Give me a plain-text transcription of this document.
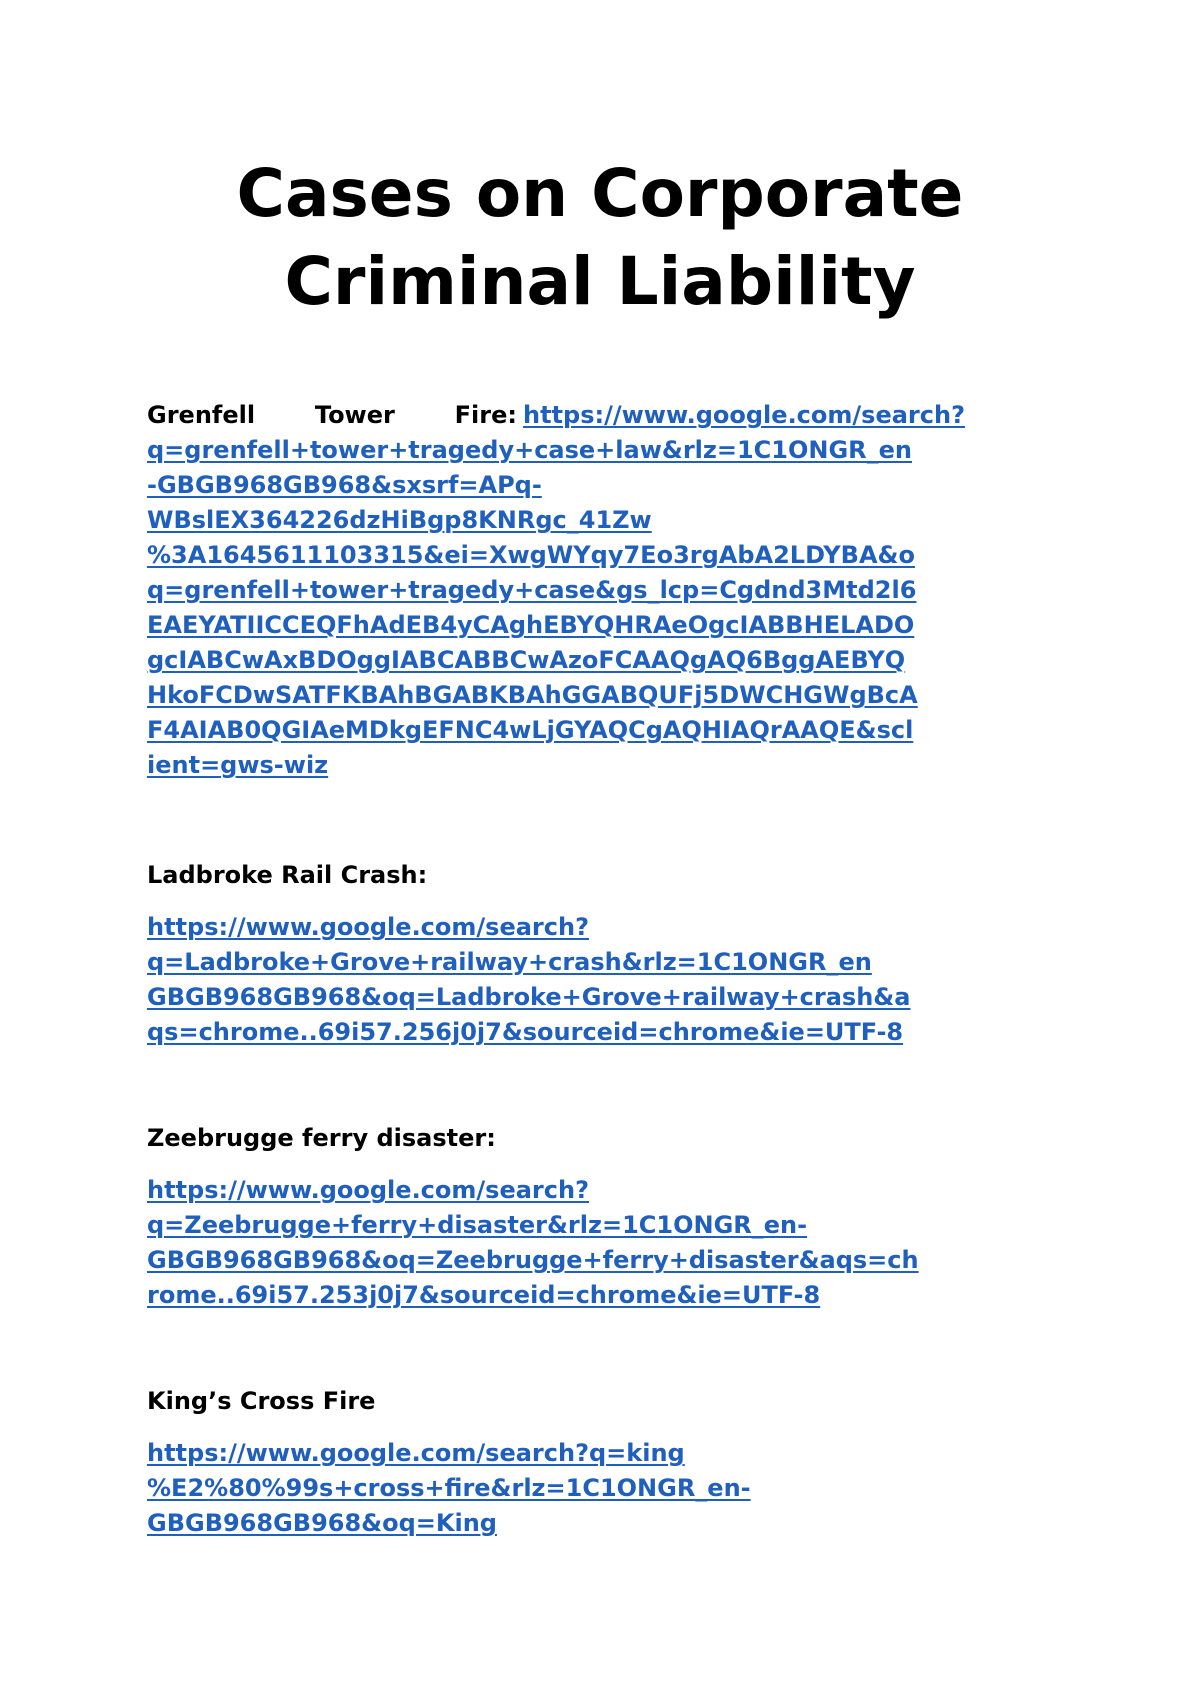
Cases on Corporate
Criminal Liability
Grenfell Tower Fire: https://www.google.com/search?
q=grenfell+tower+tragedy+case+law&rlz=1C1ONGR_en
-GBGB968GB968&sxsrf=APq-
WBslEX364226dzHiBgp8KNRgc_41Zw
%3A1645611103315&ei=XwgWYqy7Eo3rgAbA2LDYBA&o
q=grenfell+tower+tragedy+case&gs_lcp=Cgdnd3Mtd2l6
EAEYATIICCEQFhAdEB4yCAghEBYQHRAeOgcIABBHELADO
gcIABCwAxBDOggIABCABBCwAzoFCAAQgAQ6BggAEBYQ
HkoFCDwSATFKBAhBGABKBAhGGABQUFj5DWCHGWgBcA
F4AIAB0QGIAeMDkgEFNC4wLjGYAQCgAQHIAQrAAQE&scl
ient=gws-wiz
Ladbroke Rail Crash:
https://www.google.com/search?
q=Ladbroke+Grove+railway+crash&rlz=1C1ONGR_en
GBGB968GB968&oq=Ladbroke+Grove+railway+crash&a
qs=chrome..69i57.256j0j7&sourceid=chrome&ie=UTF-8
Zeebrugge ferry disaster:
https://www.google.com/search?
q=Zeebrugge+ferry+disaster&rlz=1C1ONGR_en-
GBGB968GB968&oq=Zeebrugge+ferry+disaster&aqs=ch
rome..69i57.253j0j7&sourceid=chrome&ie=UTF-8
King’s Cross Fire
https://www.google.com/search?q=king
%E2%80%99s+cross+fire&rlz=1C1ONGR_en-
GBGB968GB968&oq=King
